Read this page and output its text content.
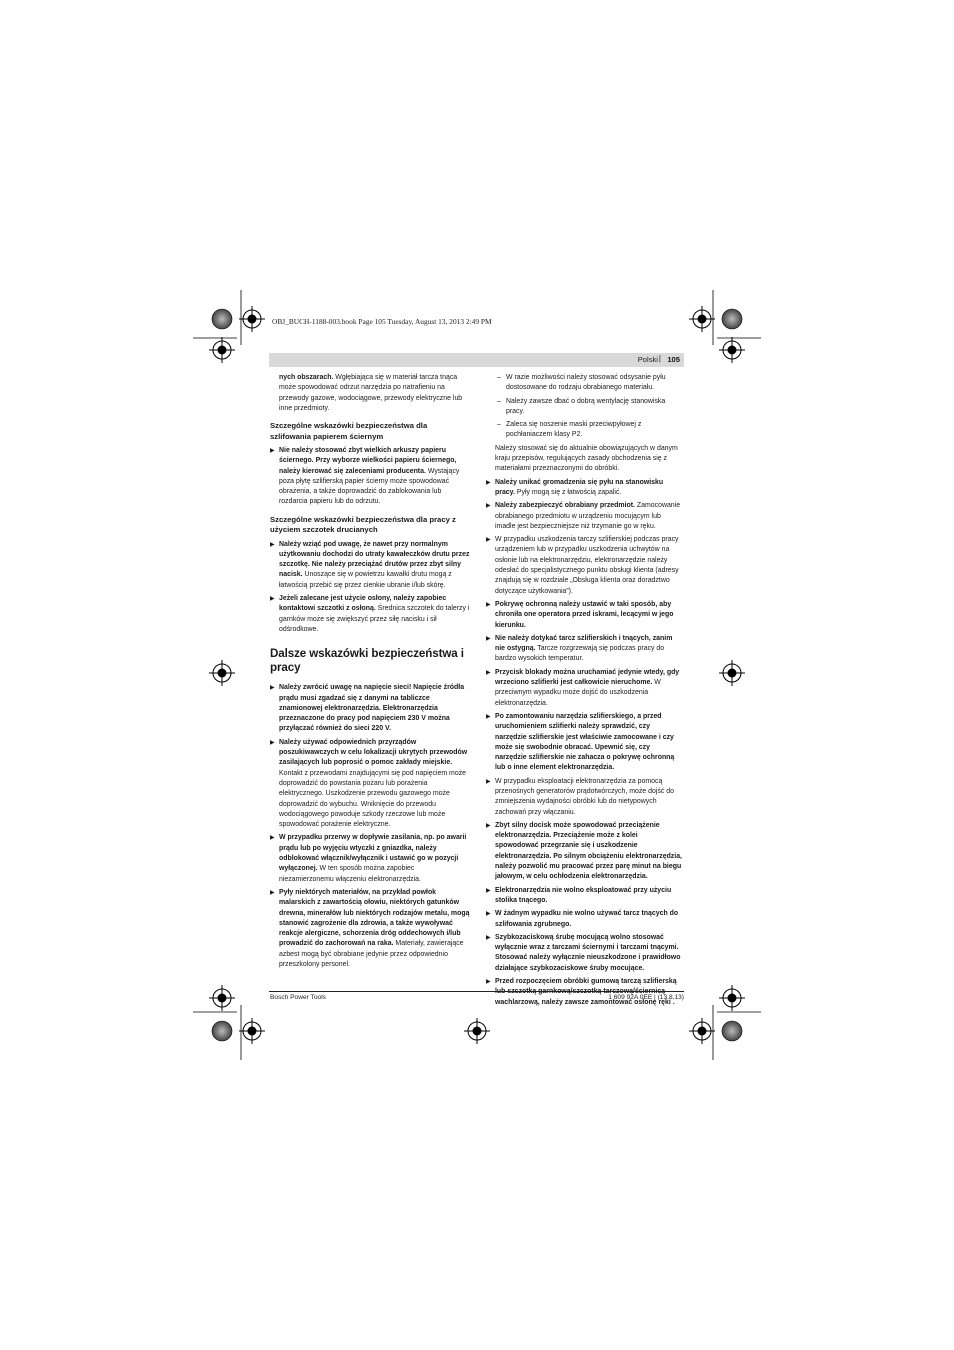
OBJ_BUCH-1188-003.book Page 105 Tuesday, August 13, 2013 2:49 PM
Polski | 105

nych obszarach. Wgłębiająca się w materiał tarcza tnąca może spowodować odrzut narzędzia po natrafieniu na przewody gazowe, wodociągowe, przewody elektryczne lub inne przedmioty.

Szczególne wskazówki bezpieczeństwa dla szlifowania papierem ściernym
▶ Nie należy stosować zbyt wielkich arkuszy papieru ściernego. Przy wyborze wielkości papieru ściernego, należy kierować się zaleceniami producenta. Wystający poza płytę szlifierską papier ścierny może spowodować obrażenia, a także doprowadzić do zablokowania lub rozdarcia papieru lub do odrzutu.
Szczególne wskazówki bezpieczeństwa dla pracy z użyciem szczotek drucianych
▶ Należy wziąć pod uwagę, że nawet przy normalnym użytkowaniu dochodzi do utraty kawałeczków drutu przez szczotkę. Nie należy przeciążać drutów przez zbyt silny nacisk. Unoszące się w powietrzu kawałki drutu mogą z łatwością przebić się przez cienkie ubranie i/lub skórę.
▶ Jeżeli zalecane jest użycie osłony, należy zapobiec kontaktowi szczotki z osłoną. Średnica szczotek do talerzy i garnków może się zwiększyć przez siłę nacisku i sił odśrodkowe.
Dalsze wskazówki bezpieczeństwa i pracy
▶ Należy zwrócić uwagę na napięcie sieci! Napięcie źródła prądu musi zgadzać się z danymi na tabliczce znamionowej elektronarzędzia. Elektronarzędzia przeznaczone do pracy pod napięciem 230 V można przyłączać również do sieci 220 V.
▶ Należy używać odpowiednich przyrządów poszukiwawczych w celu lokalizacji ukrytych przewodów zasilających lub poprosić o pomoc zakłady miejskie. Kontakt z przewodami znajdującymi się pod napięciem może doprowadzić do powstania pożaru lub porażenia elektrycznego. Uszkodzenie przewodu gazowego może doprowadzić do wybuchu. Wniknięcie do przewodu wodociągowego powoduje szkody rzeczowe lub może spowodować porażenie elektryczne.
▶ W przypadku przerwy w dopływie zasilania, np. po awarii prądu lub po wyjęciu wtyczki z gniazdka, należy odblokować włącznik/wyłącznik i ustawić go w pozycji wyłączonej. W ten sposób można zapobiec niezamierzonemu włączeniu elektronarzędzia.
▶ Pyły niektórych materiałów, na przykład powłok malarskich z zawartością ołowiu, niektórych gatunków drewna, minerałów lub niektórych rodzajów metalu, mogą stanowić zagrożenie dla zdrowia, a także wywoływać reakcje alergiczne, schorzenia dróg oddechowych i/lub prowadzić do zachorowań na raka. Materiały, zawierające azbest mogą być obrabiane jedynie przez odpowiednio przeszkolony personel.

– W razie możliwości należy stosować odsysanie pyłu dostosowane do rodzaju obrabianego materiału.

– Należy zawsze dbać o dobrą wentylację stanowiska pracy.

– Zaleca się noszenie maski przeciwpyłowej z pochłaniaczem klasy P2.

Należy stosować się do aktualnie obowiązujących w danym kraju przepisów, regulujących zasady obchodzenia się z materiałami przeznaczonymi do obróbki.

▶ Należy unikać gromadzenia się pyłu na stanowisku pracy. Pyły mogą się z łatwością zapalić.
▶ Należy zabezpieczyć obrabiany przedmiot. Zamocowanie obrabianego przedmiotu w urządzeniu mocującym lub imadle jest bezpieczniejsze niż trzymanie go w ręku.
▶ W przypadku uszkodzenia tarczy szlifierskiej podczas pracy urządzeniem lub w przypadku uszkodzenia uchwytów na osłonie lub na elektronarzędziu, elektronarzędzie należy odesłać do specjalistycznego punktu obsługi klienta (adresy znajdują się w rozdziale „Obsługa klienta oraz doradztwo dotyczące użytkowania”).
▶ Pokrywę ochronną należy ustawić w taki sposób, aby chroniła one operatora przed iskrami, lecącymi w jego kierunku.
▶ Nie należy dotykać tarcz szlifierskich i tnących, zanim nie ostygną. Tarcze rozgrzewają się podczas pracy do bardzo wysokich temperatur.
▶ Przycisk blokady można uruchamiać jedynie wtedy, gdy wrzeciono szlifierki jest całkowicie nieruchome. W przeciwnym wypadku może dojść do uszkodzenia elektronarzędzia.
▶ Po zamontowaniu narzędzia szlifierskiego, a przed uruchomieniem szlifierki należy sprawdzić, czy narzędzie szlifierskie jest właściwie zamocowane i czy może się swobodnie obracać. Upewnić się, czy narzędzie szlifierskie nie zahacza o pokrywę ochronną lub o inne element elektronarzędzia.
▶ W przypadku eksploatacji elektronarzędzia za pomocą przenośnych generatorów prądotwórczych, może dojść do zmniejszenia wydajności obróbki lub do nietypowych zachowań przy włączaniu.
▶ Zbyt silny docisk może spowodować przeciążenie elektronarzędzia. Przeciążenie może z kolei spowodować przegrzanie się i uszkodzenie elektronarzędzia. Po silnym obciążeniu elektronarzędzia, należy pozwolić mu pracować przez parę minut na biegu jałowym, w celu ochłodzenia elektronarzędzia.
▶ Elektronarzędzia nie wolno eksploatować przy użyciu stolika tnącego.
▶ W żadnym wypadku nie wolno używać tarcz tnących do szlifowania zgrubnego.
▶ Szybkozaciskową śrubę mocującą wolno stosować wyłącznie wraz z tarczami ściernymi i tarczami tnącymi. Stosować należy wyłącznie nieuszkodzone i prawidłowo działające szybkozaciskowe śruby mocujące.
▶ Przed rozpoczęciem obróbki gumową tarczą szlifierską wachlarzową, należy zawsze zamontować osłonę ręki .
Bosch Power Tools	1 609 92A 0EE | (13.8.13)
